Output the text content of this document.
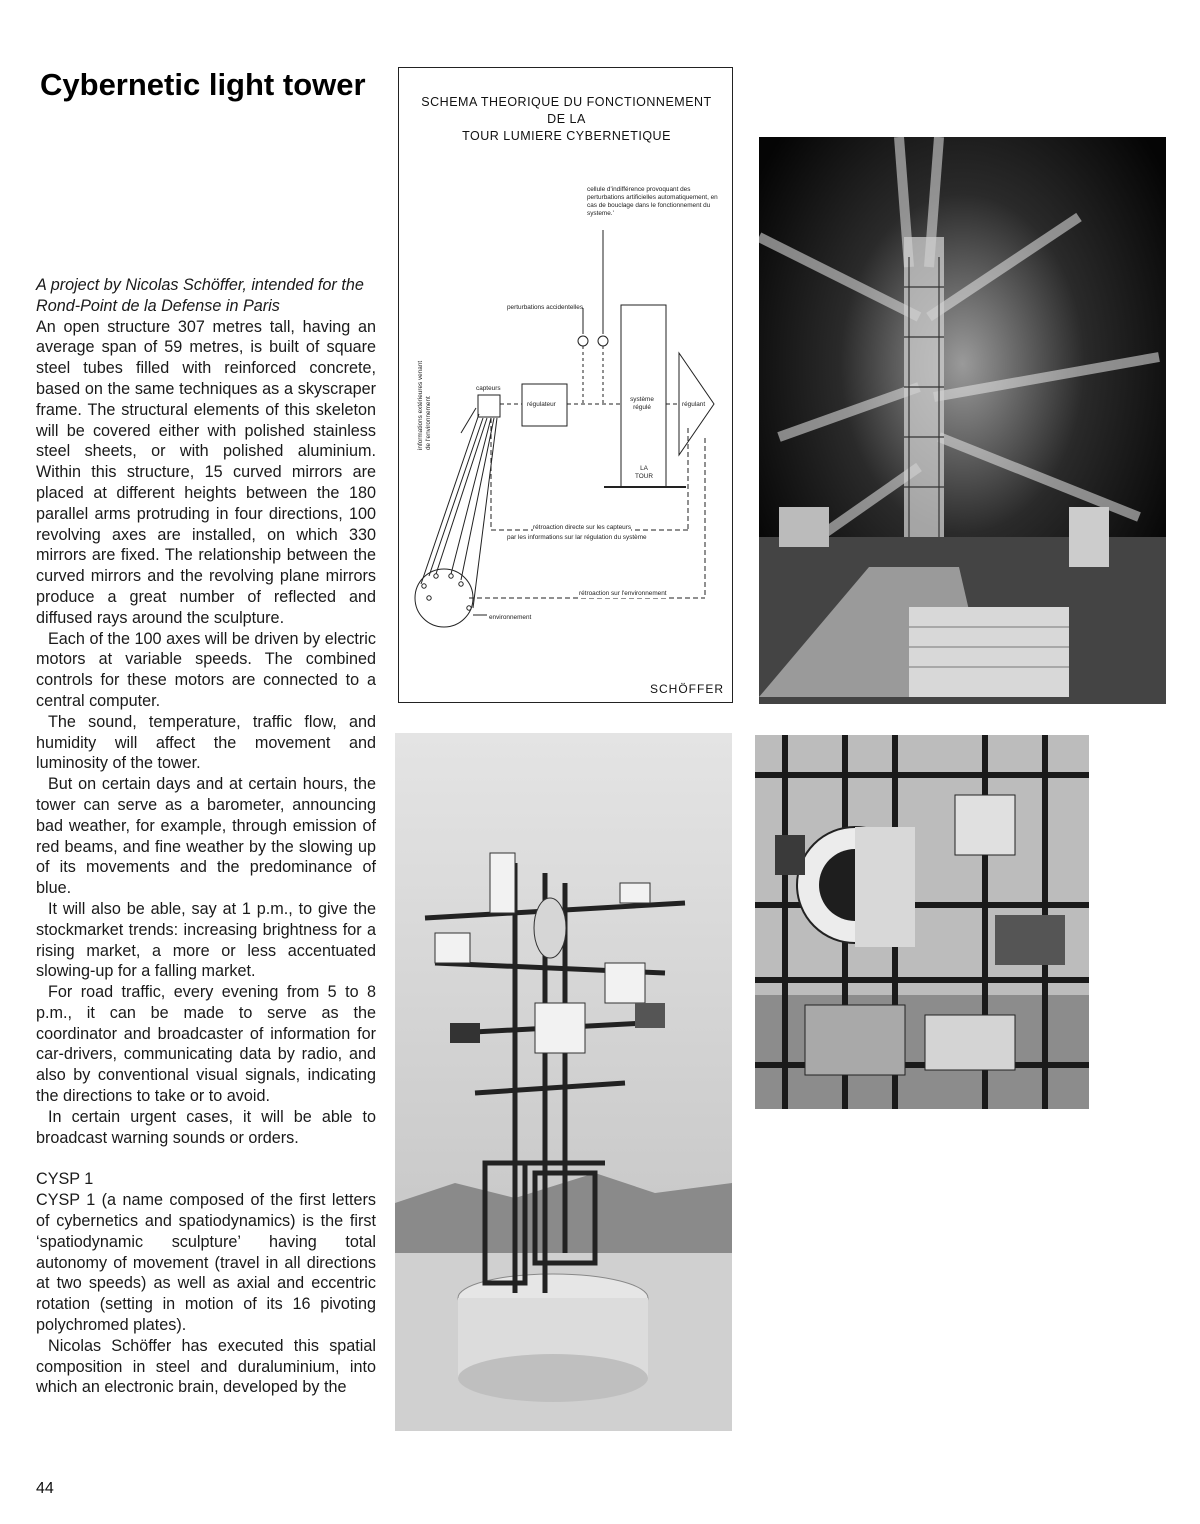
Cybernetic light tower

A project by Nicolas Schöffer, intended for the Rond-Point de la Defense in Paris

An open structure 307 metres tall, having an average span of 59 metres, is built of square steel tubes filled with reinforced concrete, based on the same techniques as a skyscraper frame. The structural elements of this skeleton will be covered either with polished stainless steel sheets, or with polished aluminium. Within this structure, 15 curved mirrors are placed at different heights between the 180 parallel arms protruding in four directions, 100 revolving axes are installed, on which 330 mirrors are fixed. The relationship between the curved mirrors and the revolving plane mirrors produce a great number of reflected and diffused rays around the sculpture.

Each of the 100 axes will be driven by electric motors at variable speeds. The combined controls for these motors are connected to a central computer.

The sound, temperature, traffic flow, and humidity will affect the movement and luminosity of the tower.

But on certain days and at certain hours, the tower can serve as a barometer, announcing bad weather, for example, through emission of red beams, and fine weather by the slowing up of its movements and the predominance of blue.

It will also be able, say at 1 p.m., to give the stockmarket trends: increasing brightness for a rising market, a more or less accentuated slowing-up for a falling market.

For road traffic, every evening from 5 to 8 p.m., it can be made to serve as the coordinator and broadcaster of information for car-drivers, communicating data by radio, and also by conventional visual signals, indicating the directions to take or to avoid.

In certain urgent cases, it will be able to broadcast warning sounds or orders.

CYSP 1

CYSP 1 (a name composed of the first letters of cybernetics and spatiodynamics) is the first ‘spatiodynamic sculpture’ having total autonomy of movement (travel in all directions at two speeds) as well as axial and eccentric rotation (setting in motion of its 16 pivoting polychromed plates).

Nicolas Schöffer has executed this spatial composition in steel and duraluminium, into which an electronic brain, developed by the

44
SCHEMA THEORIQUE DU FONCTIONNEMENT
DE LA
TOUR LUMIERE CYBERNETIQUE
cellule d'indifférence provoquant des perturbations artificielles automatiquement, en cas de bouclage dans le fonctionnement du systeme.'
perturbations accidentelles
informations extérieures venant de l'environnement
capteurs
régulateur
système régulé	régulant
LA TOUR
rétroaction directe sur les capteurs
par les informations sur lar régulation du système
rétroaction sur l'environnement
environnement
SCHÖFFER
